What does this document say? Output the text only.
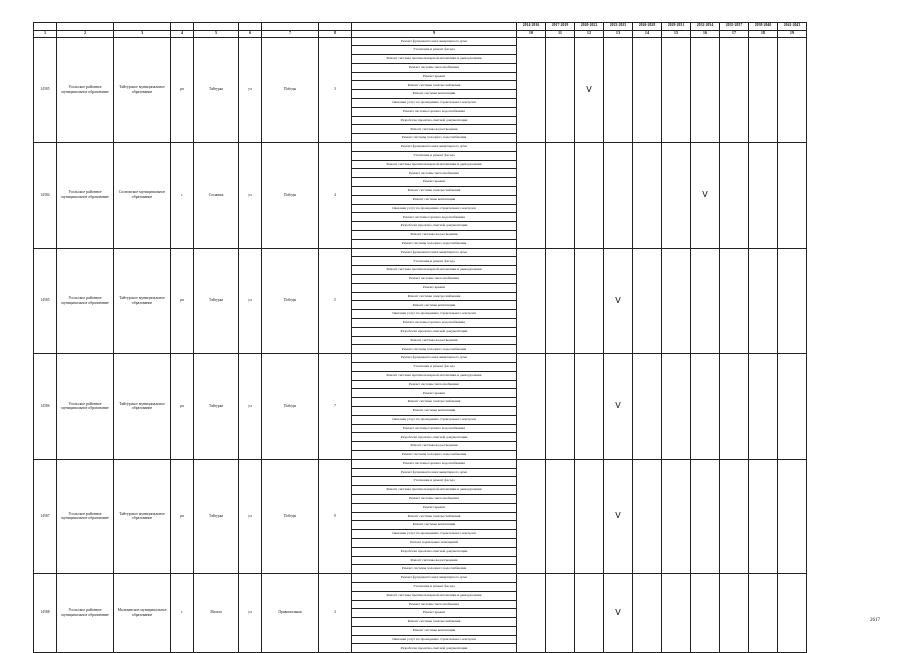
									2014-2016	2017-2019	2020-2022	2023-2025	2026-2028	2029-2031	2032-2034	2035-2037	2038-2040	2041-2043
1	2	3	4	5	6	7	8	9	10	11	12	13	14	15	16	17	18	19
14585	Усольское районное муниципальное образование	Тайтурское муниципальное образование	рп	Тайтурка	ул	Победы	3	Ремонт фундамента многоквартирного дома			V							
								Утепление и ремонт фасада										
								Ремонт системы противопожарной автоматики и дымоудаления										
								Ремонт системы теплоснабжения										
								Ремонт крыши										
								Ремонт системы электроснабжения										
								Ремонт системы вентиляции										
								Оказание услуг по проведению строительного контроля										
								Ремонт системы горячего водоснабжения										
								Разработка проектно-сметной документации										
								Ремонт системы водоотведения										
								Ремонт системы холодного водоснабжения										
14584	Усольское районное муниципальное образование	Сосновское муниципальное образование	с.	Сосновка	ул	Победы	4	Ремонт фундамента многоквартирного дома							V			
								Утепление и ремонт фасада										
								Ремонт системы противопожарной автоматики и дымоудаления										
								Ремонт системы теплоснабжения										
								Ремонт крыши										
								Ремонт системы электроснабжения										
								Ремонт системы вентиляции										
								Оказание услуг по проведению строительного контроля										
								Ремонт системы горячего водоснабжения										
								Разработка проектно-сметной документации										
								Ремонт системы водоотведения										
								Ремонт системы холодного водоснабжения										
14585	Усольское районное муниципальное образование	Тайтурское муниципальное образование	рп	Тайтурка	ул	Победы	5	Ремонт фундамента многоквартирного дома				V						
								Утепление и ремонт фасада										
								Ремонт системы противопожарной автоматики и дымоудаления										
								Ремонт системы теплоснабжения										
								Ремонт крыши										
								Ремонт системы электроснабжения										
								Ремонт системы вентиляции										
								Оказание услуг по проведению строительного контроля										
								Ремонт системы горячего водоснабжения										
								Разработка проектно-сметной документации										
								Ремонт системы водоотведения										
								Ремонт системы холодного водоснабжения										
14586	Усольское районное муниципальное образование	Тайтурское муниципальное образование	рп	Тайтурка	ул	Победы	7	Ремонт фундамента многоквартирного дома				V						
								Утепление и ремонт фасада										
								Ремонт системы противопожарной автоматики и дымоудаления										
								Ремонт системы теплоснабжения										
								Ремонт крыши										
								Ремонт системы электроснабжения										
								Ремонт системы вентиляции										
								Оказание услуг по проведению строительного контроля										
								Ремонт системы горячего водоснабжения										
								Разработка проектно-сметной документации										
								Ремонт системы водоотведения										
								Ремонт системы холодного водоснабжения										
14587	Усольское районное муниципальное образование	Тайтурское муниципальное образование	рп	Тайтурка	ул	Победы	9	Ремонт системы горячего водоснабжения				V						
								Ремонт фундамента многоквартирного дома										
								Утепление и ремонт фасада										
								Ремонт системы противопожарной автоматики и дымоудаления										
								Ремонт системы теплоснабжения										
								Ремонт крыши										
								Ремонт системы электроснабжения										
								Ремонт системы вентиляции										
								Оказание услуг по проведению строительного контроля										
								Ремонт подвальных помещений										
								Разработка проектно-сметной документации										
								Ремонт системы водоотведения										
								Ремонт системы холодного водоснабжения										
14588	Усольское районное муниципальное образование	Мальтинское муниципальное образование	с.	Мальта	ул	Привокзальная	3	Ремонт фундамента многоквартирного дома				V						
								Утепление и ремонт фасада										
								Ремонт системы противопожарной автоматики и дымоудаления										
								Ремонт системы теплоснабжения										
								Ремонт крыши										
								Ремонт системы электроснабжения										
								Ремонт системы вентиляции										
								Оказание услуг по проведению строительного контроля										
								Разработка проектно-сметной документации										
2617
